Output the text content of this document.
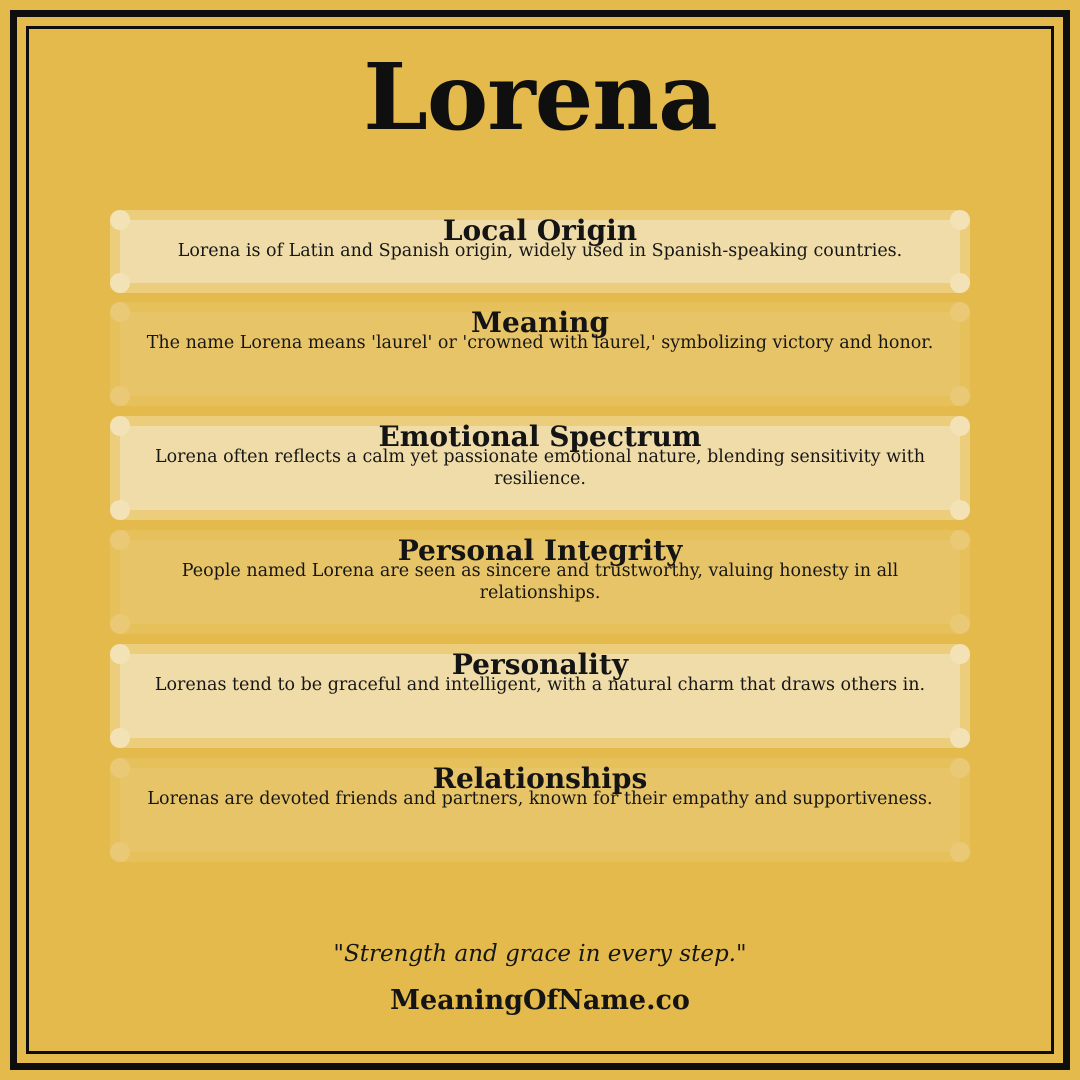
Lorena
Local Origin
Lorena is of Latin and Spanish origin, widely used in Spanish-speaking countries.
Meaning
The name Lorena means 'laurel' or 'crowned with laurel,' symbolizing victory and honor.
Emotional Spectrum
Lorena often reflects a calm yet passionate emotional nature, blending sensitivity with resilience.
Personal Integrity
People named Lorena are seen as sincere and trustworthy, valuing honesty in all relationships.
Personality
Lorenas tend to be graceful and intelligent, with a natural charm that draws others in.
Relationships
Lorenas are devoted friends and partners, known for their empathy and supportiveness.
"Strength and grace in every step."
MeaningOfName.co
